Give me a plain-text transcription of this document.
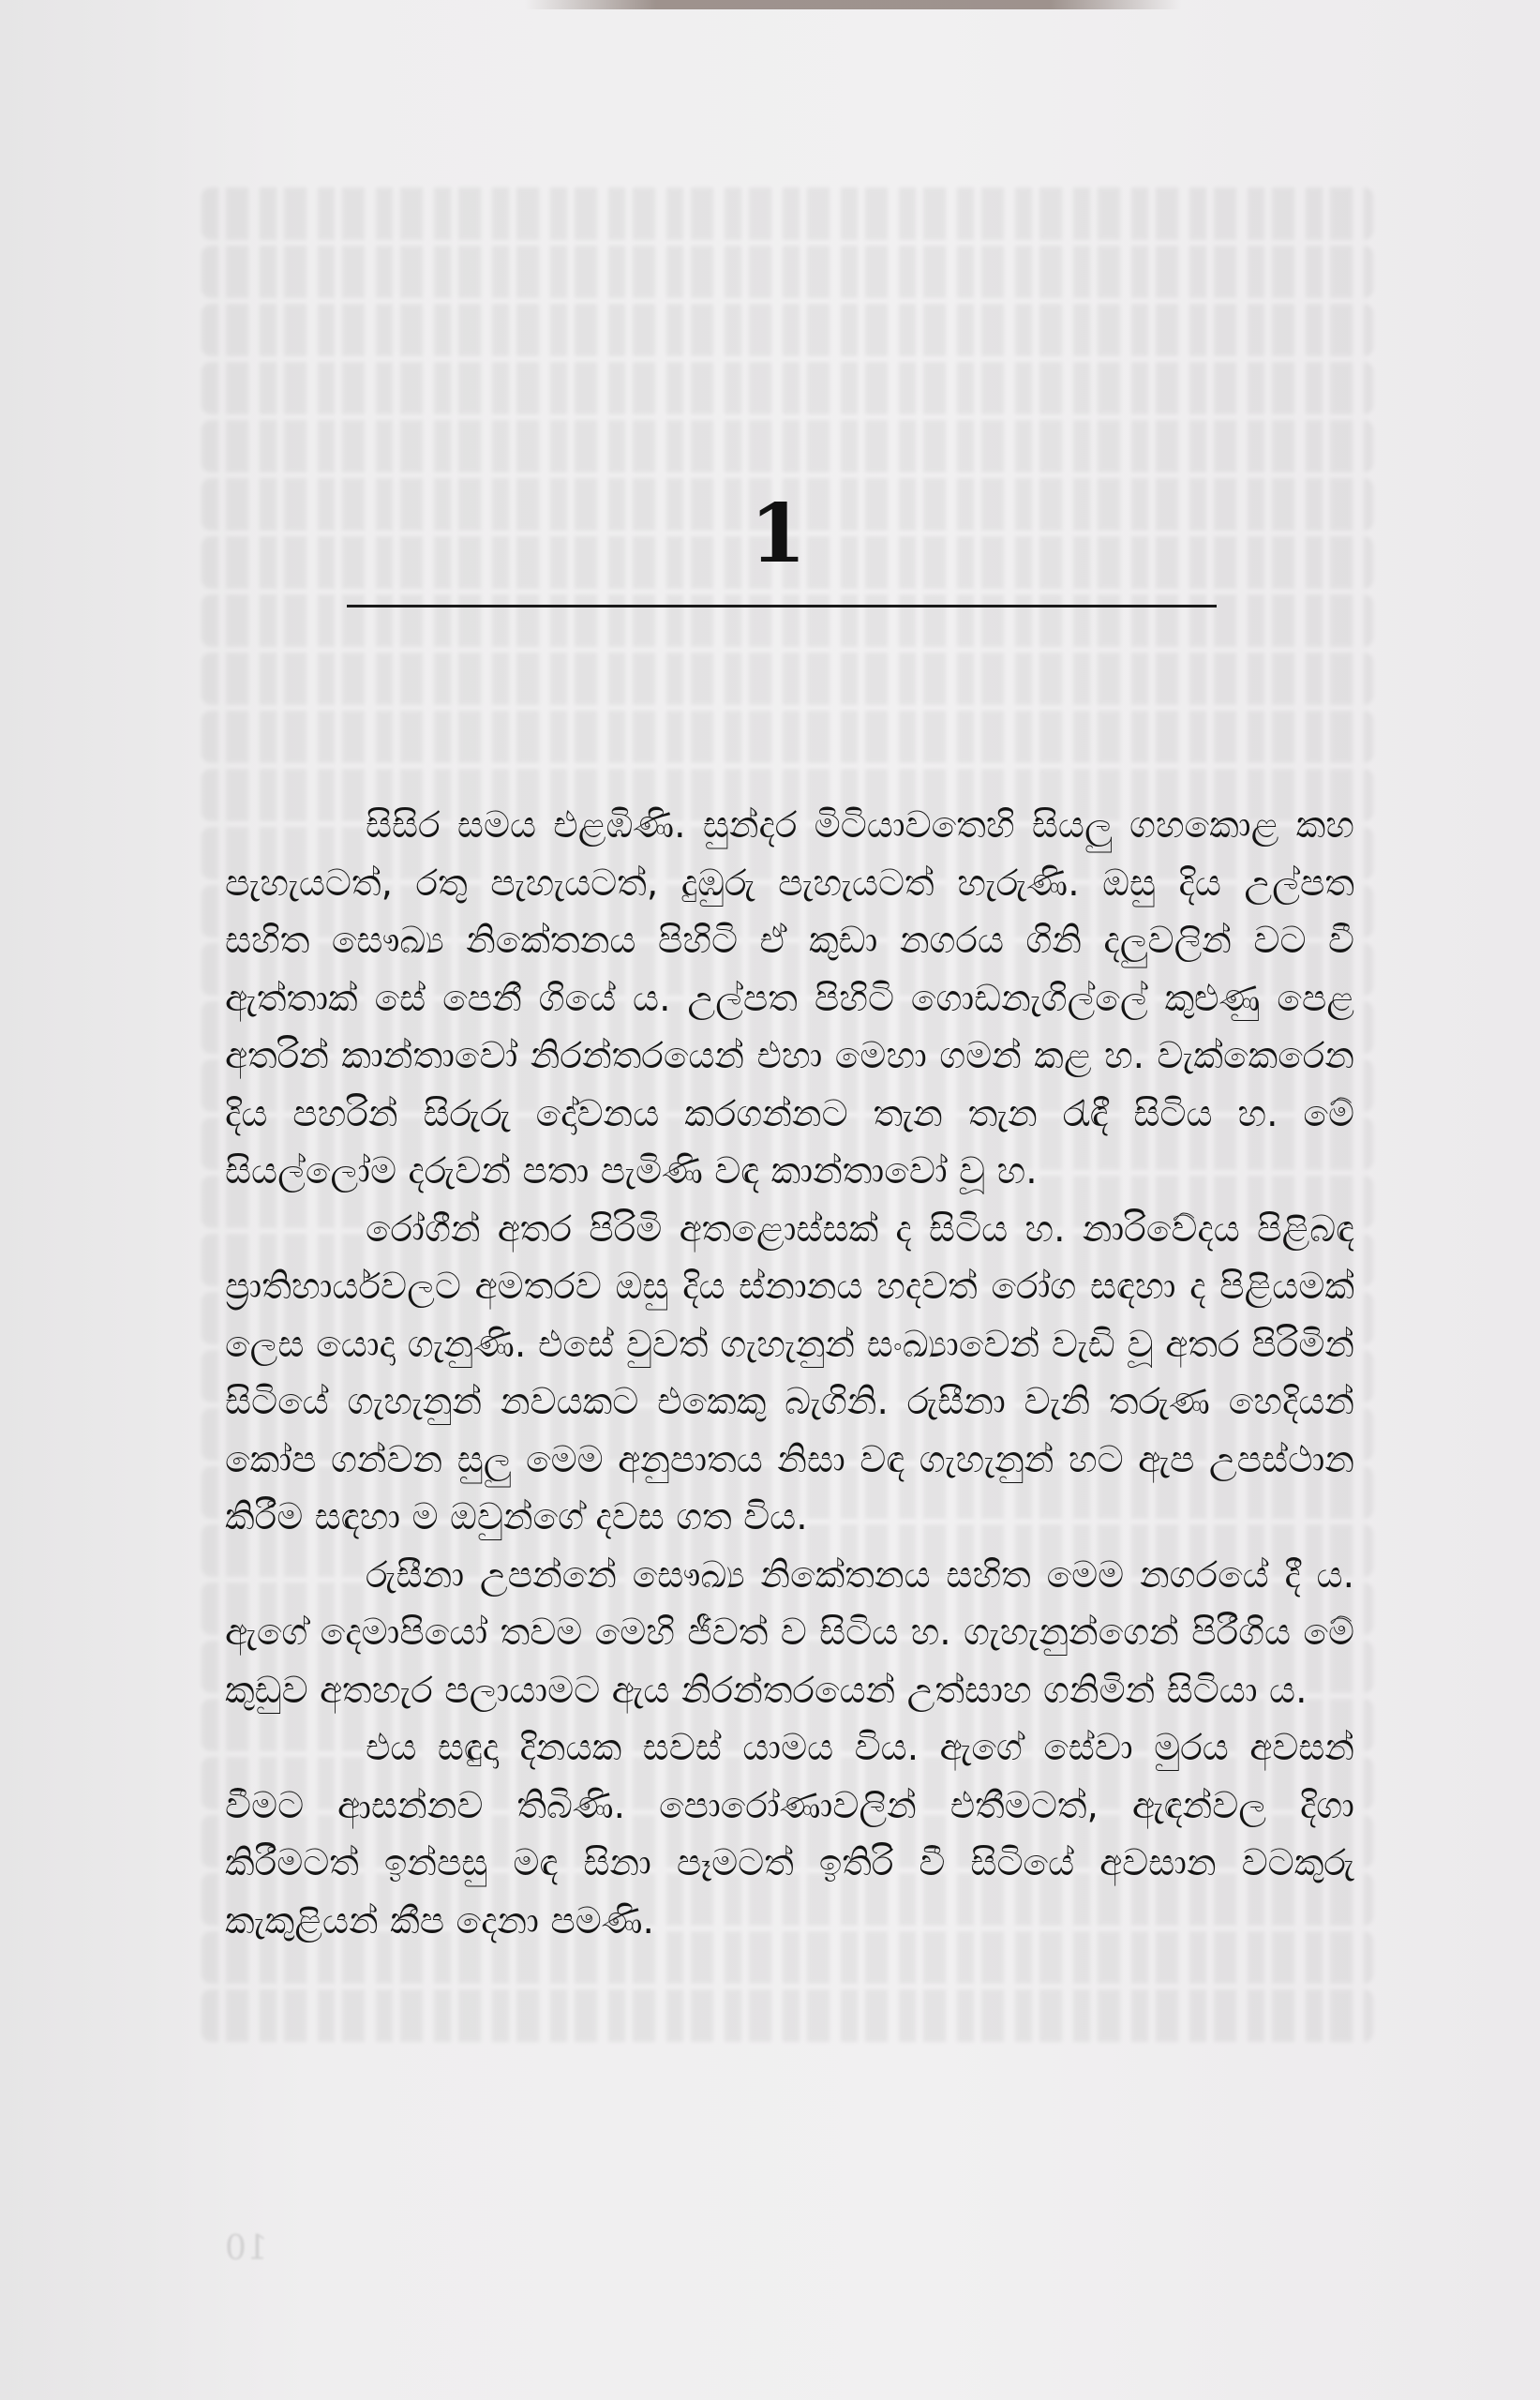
1

සිසිර සමය එළඹිණි. සුන්දර මිටියාවතෙහි සියලු ගහකොළ කහ පැහැයටත්, රතු පැහැයටත්, දුඹුරු පැහැයටත් හැරුණි. ඔසු දිය උල්පත සහිත සෞඛ්‍ය නිකේතනය පිහිටි ඒ කුඩා නගරය ගිනි දලුවලින් වට වී ඇත්තාක් සේ පෙනී ගියේ ය. උල්පත පිහිටි ගොඩනැගිල්ලේ කුළුණු පෙළ අතරින් කාන්තාවෝ නිරන්තරයෙන් එහා මෙහා ගමන් කළ හ. වැක්කෙරෙන දිය පහරින් සිරුරු දෝවනය කරගන්නට තැන තැන රැඳී සිටිය හ. මේ සියල්ලෝම දරුවන් පතා පැමිණි වඳ කාන්තාවෝ වූ හ.

රෝගීන් අතර පිරිමි අතළොස්සක් ද සිටිය හ. නාරිවේදය පිළිබඳ ප්‍රාතිහාර්යවලට අමතරව ඔසු දිය ස්නානය හදවත් රෝග සඳහා ද පිළියමක් ලෙස යොදා ගැනුණි. එසේ වුවත් ගැහැනුන් සංඛ්‍යාවෙන් වැඩි වූ අතර පිරිමින් සිටියේ ගැහැනුන් නවයකට එකෙකු බැගිනි. රුසීනා වැනි තරුණ හෙදියන් කෝප ගන්වන සුලු මෙම අනුපාතය නිසා වඳ ගැහැනුන් හට ඇප උපස්ථාන කිරීම සඳහා ම ඔවුන්ගේ දවස ගත විය.

රුසීනා උපන්නේ සෞඛ්‍ය නිකේතනය සහිත මෙම නගරයේ දී ය. ඇගේ දෙමාපියෝ තවම මෙහි ජීවත් ව සිටිය හ. ගැහැනුන්ගෙන් පිරීගිය මේ කුඩුව අතහැර පලායාමට ඇය නිරන්තරයෙන් උත්සාහ ගනිමින් සිටියා ය.

එය සඳුදා දිනයක සවස් යාමය විය. ඇගේ සේවා මුරය අවසන් වීමට ආසන්නව තිබිණි. පොරෝණාවලින් එතීමටත්, ඇඳන්වල දිගා කිරීමටත් ඉන්පසු මඳ සිනා පෑමටත් ඉතිරි වී සිටියේ අවසාන වටකුරු කැකුළියන් කීප දෙනා පමණි.

10
